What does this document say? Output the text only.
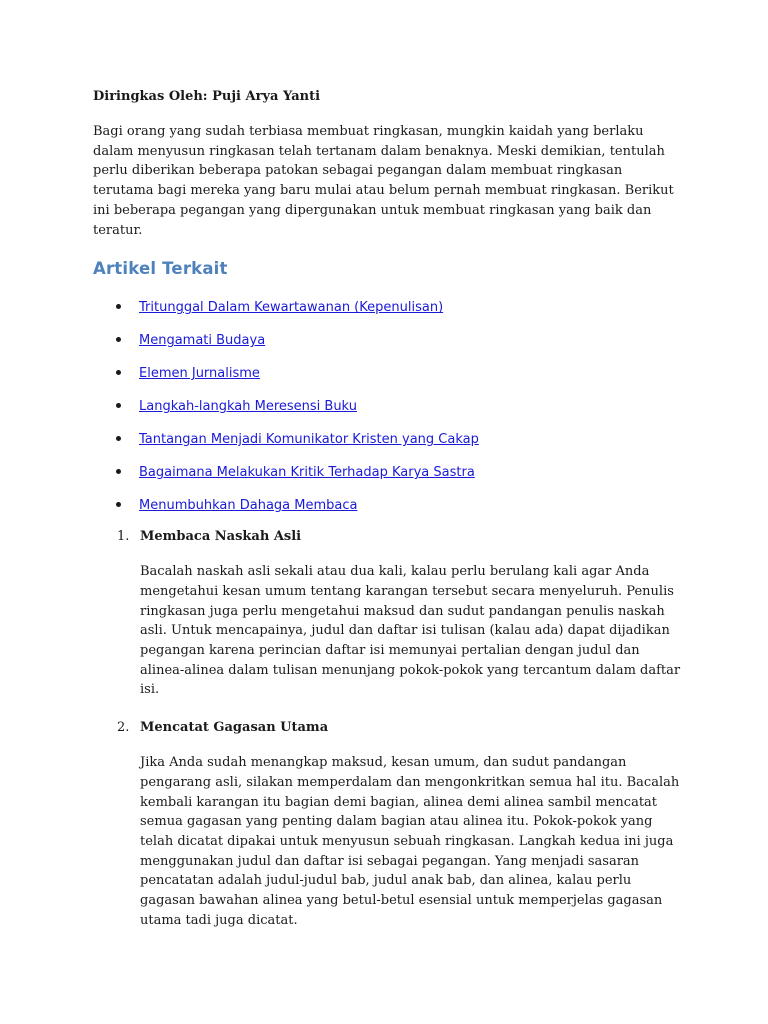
Diringkas Oleh: Puji Arya Yanti

Bagi orang yang sudah terbiasa membuat ringkasan, mungkin kaidah yang berlaku dalam menyusun ringkasan telah tertanam dalam benaknya. Meski demikian, tentulah perlu diberikan beberapa patokan sebagai pegangan dalam membuat ringkasan terutama bagi mereka yang baru mulai atau belum pernah membuat ringkasan. Berikut ini beberapa pegangan yang dipergunakan untuk membuat ringkasan yang baik dan teratur.

Artikel Terkait
Tritunggal Dalam Kewartawanan (Kepenulisan)
Mengamati Budaya
Elemen Jurnalisme
Langkah-langkah Meresensi Buku
Tantangan Menjadi Komunikator Kristen yang Cakap
Bagaimana Melakukan Kritik Terhadap Karya Sastra
Menumbuhkan Dahaga Membaca
1. Membaca Naskah Asli

Bacalah naskah asli sekali atau dua kali, kalau perlu berulang kali agar Anda mengetahui kesan umum tentang karangan tersebut secara menyeluruh. Penulis ringkasan juga perlu mengetahui maksud dan sudut pandangan penulis naskah asli. Untuk mencapainya, judul dan daftar isi tulisan (kalau ada) dapat dijadikan pegangan karena perincian daftar isi memunyai pertalian dengan judul dan alinea-alinea dalam tulisan menunjang pokok-pokok yang tercantum dalam daftar isi.

2. Mencatat Gagasan Utama

Jika Anda sudah menangkap maksud, kesan umum, dan sudut pandangan pengarang asli, silakan memperdalam dan mengonkritkan semua hal itu. Bacalah kembali karangan itu bagian demi bagian, alinea demi alinea sambil mencatat semua gagasan yang penting dalam bagian atau alinea itu. Pokok-pokok yang telah dicatat dipakai untuk menyusun sebuah ringkasan. Langkah kedua ini juga menggunakan judul dan daftar isi sebagai pegangan. Yang menjadi sasaran pencatatan adalah judul-judul bab, judul anak bab, dan alinea, kalau perlu gagasan bawahan alinea yang betul-betul esensial untuk memperjelas gagasan utama tadi juga dicatat.
